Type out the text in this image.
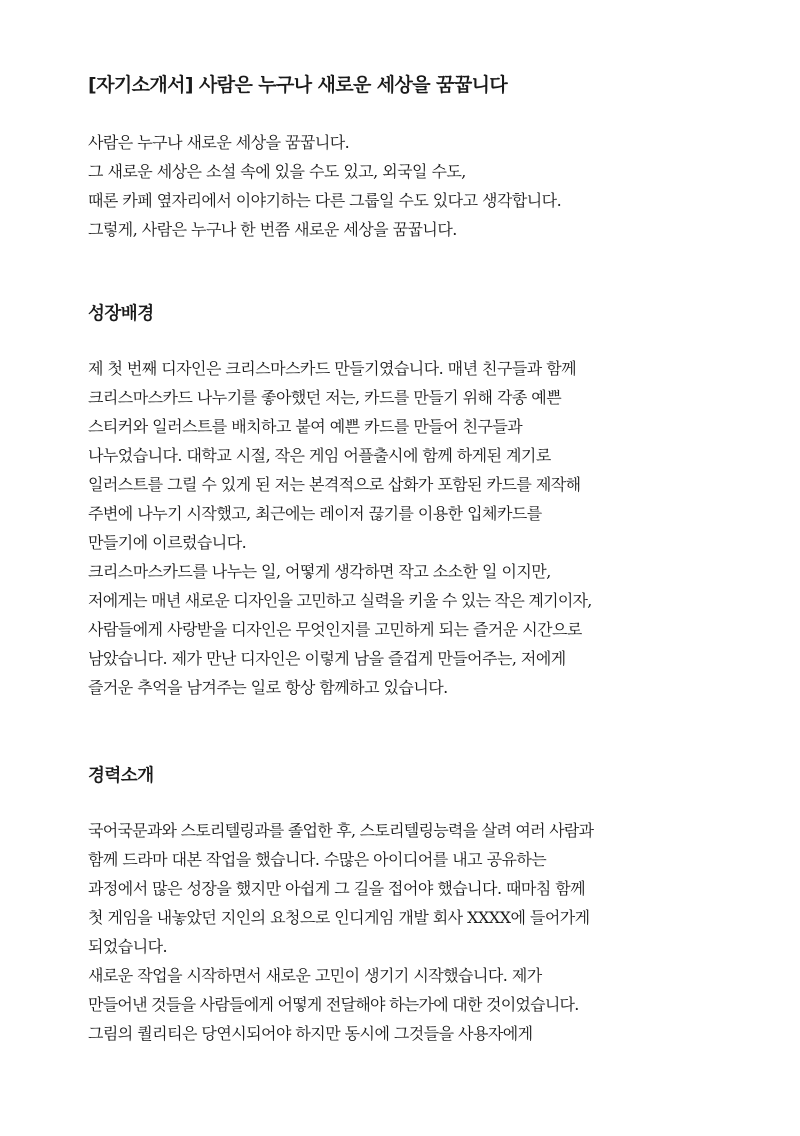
[자기소개서] 사람은 누구나 새로운 세상을 꿈꿉니다
사람은 누구나 새로운 세상을 꿈꿉니다.
그 새로운 세상은 소설 속에 있을 수도 있고, 외국일 수도,
때론 카페 옆자리에서 이야기하는 다른 그룹일 수도 있다고 생각합니다.
그렇게, 사람은 누구나 한 번쯤 새로운 세상을 꿈꿉니다.
성장배경
제 첫 번째 디자인은 크리스마스카드 만들기였습니다. 매년 친구들과 함께
크리스마스카드 나누기를 좋아했던 저는, 카드를 만들기 위해 각종 예쁜
스티커와 일러스트를 배치하고 붙여 예쁜 카드를 만들어 친구들과
나누었습니다. 대학교 시절, 작은 게임 어플출시에 함께 하게된 계기로
일러스트를 그릴 수 있게 된 저는 본격적으로 삽화가 포함된 카드를 제작해
주변에 나누기 시작했고, 최근에는 레이저 끊기를 이용한 입체카드를
만들기에 이르렀습니다.
크리스마스카드를 나누는 일, 어떻게 생각하면 작고 소소한 일 이지만,
저에게는 매년 새로운 디자인을 고민하고 실력을 키울 수 있는 작은 계기이자,
사람들에게 사랑받을 디자인은 무엇인지를 고민하게 되는 즐거운 시간으로
남았습니다. 제가 만난 디자인은 이렇게 남을 즐겁게 만들어주는, 저에게
즐거운 추억을 남겨주는 일로 항상 함께하고 있습니다.
경력소개
국어국문과와 스토리텔링과를 졸업한 후, 스토리텔링능력을 살려 여러 사람과
함께 드라마 대본 작업을 했습니다. 수많은 아이디어를 내고 공유하는
과정에서 많은 성장을 했지만 아쉽게 그 길을 접어야 했습니다. 때마침 함께
첫 게임을 내놓았던 지인의 요청으로 인디게임 개발 회사 XXXX에 들어가게
되었습니다.
새로운 작업을 시작하면서 새로운 고민이 생기기 시작했습니다. 제가
만들어낸 것들을 사람들에게 어떻게 전달해야 하는가에 대한 것이었습니다.
그림의 퀄리티은 당연시되어야 하지만 동시에 그것들을 사용자에게
